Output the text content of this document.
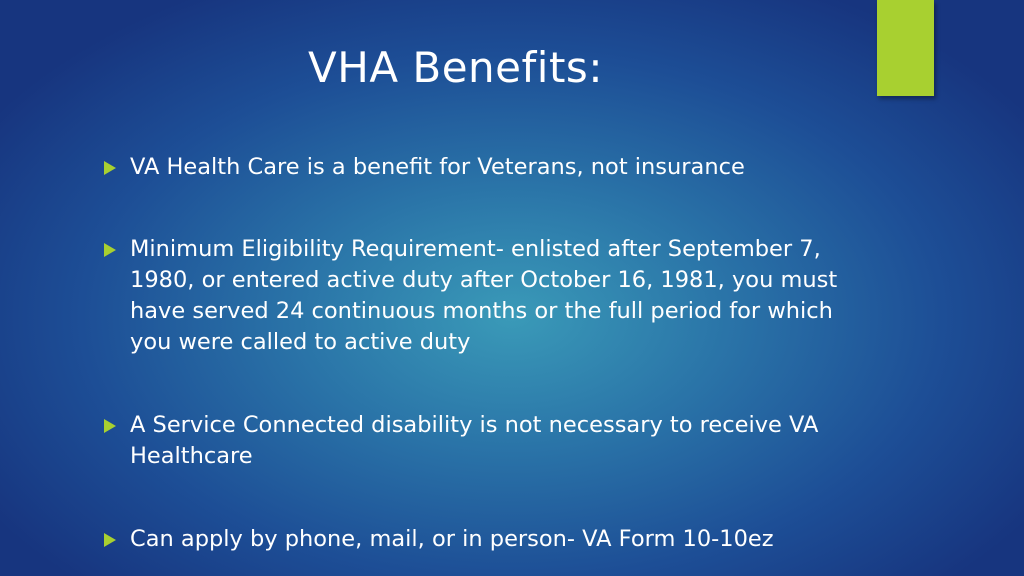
VHA Benefits:
VA Health Care is a benefit for Veterans, not insurance
Minimum Eligibility Requirement- enlisted after September 7, 1980, or entered active duty after October 16, 1981, you must have served 24 continuous months or the full period for which you were called to active duty
A Service Connected disability is not necessary to receive VA Healthcare
Can apply by phone, mail, or in person- VA Form 10-10ez
